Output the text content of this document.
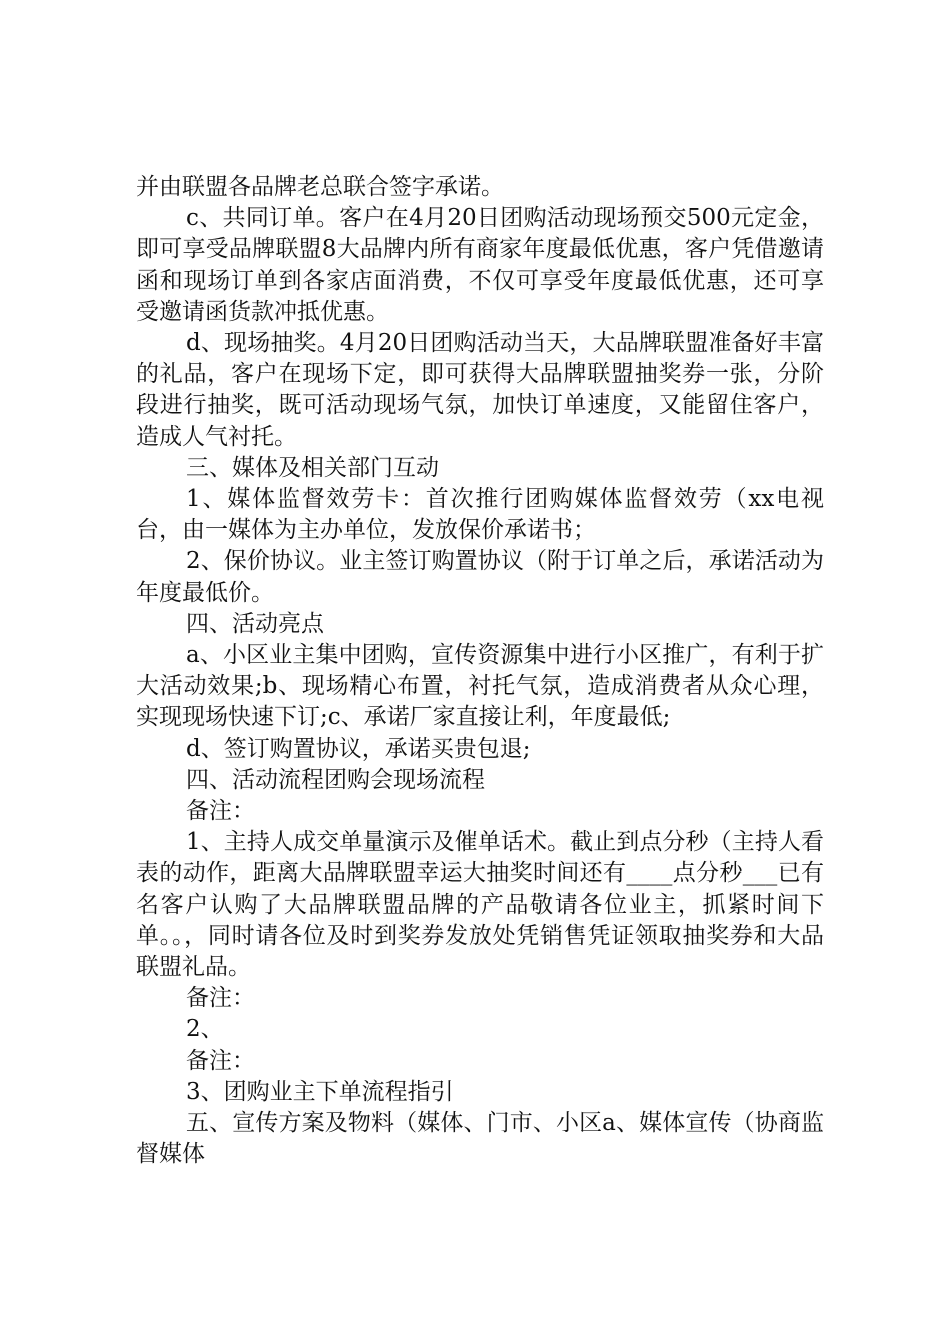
并由联盟各品牌老总联合签字承诺。

c、共同订单。客户在4月20日团购活动现场预交500元定金，即可享受品牌联盟8大品牌内所有商家年度最低优惠，客户凭借邀请函和现场订单到各家店面消费，不仅可享受年度最低优惠，还可享受邀请函货款冲抵优惠。

d、现场抽奖。4月20日团购活动当天，大品牌联盟准备好丰富的礼品，客户在现场下定，即可获得大品牌联盟抽奖券一张，分阶段进行抽奖，既可活动现场气氛，加快订单速度，又能留住客户，造成人气衬托。

三、媒体及相关部门互动

1、媒体监督效劳卡：首次推行团购媒体监督效劳（xx电视台，由一媒体为主办单位，发放保价承诺书；

2、保价协议。业主签订购置协议（附于订单之后，承诺活动为年度最低价。

四、活动亮点

a、小区业主集中团购，宣传资源集中进行小区推广，有利于扩大活动效果;b、现场精心布置，衬托气氛，造成消费者从众心理，实现现场快速下订;c、承诺厂家直接让利，年度最低;

d、签订购置协议，承诺买贵包退;

四、活动流程团购会现场流程

备注：

1、主持人成交单量演示及催单话术。截止到点分秒（主持人看表的动作，距离大品牌联盟幸运大抽奖时间还有____点分秒___已有名客户认购了大品牌联盟品牌的产品敬请各位业主，抓紧时间下单。。，同时请各位及时到奖券发放处凭销售凭证领取抽奖券和大品联盟礼品。

备注：

2、

备注：

3、团购业主下单流程指引

五、宣传方案及物料（媒体、门市、小区a、媒体宣传（协商监督媒体
